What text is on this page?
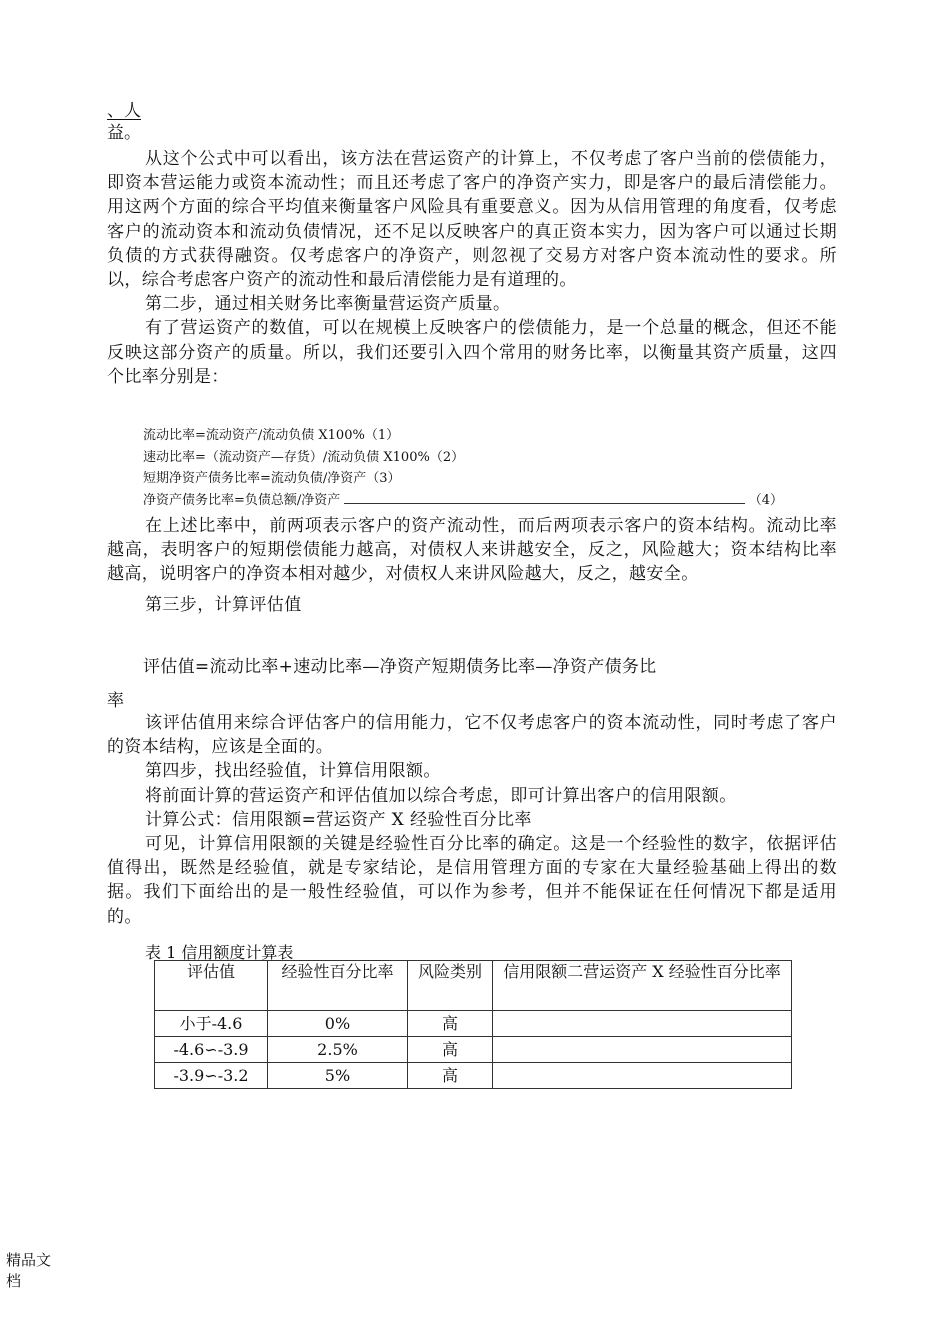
、人
益。

从这个公式中可以看出，该方法在营运资产的计算上，不仅考虑了客户当前的偿债能力，即资本营运能力或资本流动性；而且还考虑了客户的净资产实力，即是客户的最后清偿能力。用这两个方面的综合平均值来衡量客户风险具有重要意义。因为从信用管理的角度看，仅考虑客户的流动资本和流动负债情况，还不足以反映客户的真正资本实力，因为客户可以通过长期负债的方式获得融资。仅考虑客户的净资产，则忽视了交易方对客户资本流动性的要求。所以，综合考虑客户资产的流动性和最后清偿能力是有道理的。

第二步，通过相关财务比率衡量营运资产质量。

有了营运资产的数值，可以在规模上反映客户的偿债能力，是一个总量的概念，但还不能反映这部分资产的质量。所以，我们还要引入四个常用的财务比率，以衡量其资产质量，这四个比率分别是：

流动比率=流动资产/流动负债 X100%（1）
速动比率=（流动资产—存货）/流动负债 X100%（2）
短期净资产债务比率=流动负债/净资产（3）
净资产债务比率=负债总额/净资产	（4）

在上述比率中，前两项表示客户的资产流动性，而后两项表示客户的资本结构。流动比率越高，表明客户的短期偿债能力越高，对债权人来讲越安全，反之，风险越大；资本结构比率越高，说明客户的净资本相对越少，对债权人来讲风险越大，反之，越安全。

第三步，计算评估值

评估值=流动比率+速动比率—净资产短期债务比率—净资产债务比
率

该评估值用来综合评估客户的信用能力，它不仅考虑客户的资本流动性，同时考虑了客户的资本结构，应该是全面的。

第四步，找出经验值，计算信用限额。

将前面计算的营运资产和评估值加以综合考虑，即可计算出客户的信用限额。

计算公式：信用限额=营运资产 X 经验性百分比率

可见，计算信用限额的关键是经验性百分比率的确定。这是一个经验性的数字，依据评估值得出，既然是经验值，就是专家结论，是信用管理方面的专家在大量经验基础上得出的数据。我们下面给出的是一般性经验值，可以作为参考，但并不能保证在任何情况下都是适用的。

表 1 信用额度计算表
评估值	经验性百分比率	风险类别	信用限额二营运资产 X 经验性百分比率
小于-4.6	0%	高	
-4.6∽-3.9	2.5%	高	
-3.9∽-3.2	5%	高	
精品文档
